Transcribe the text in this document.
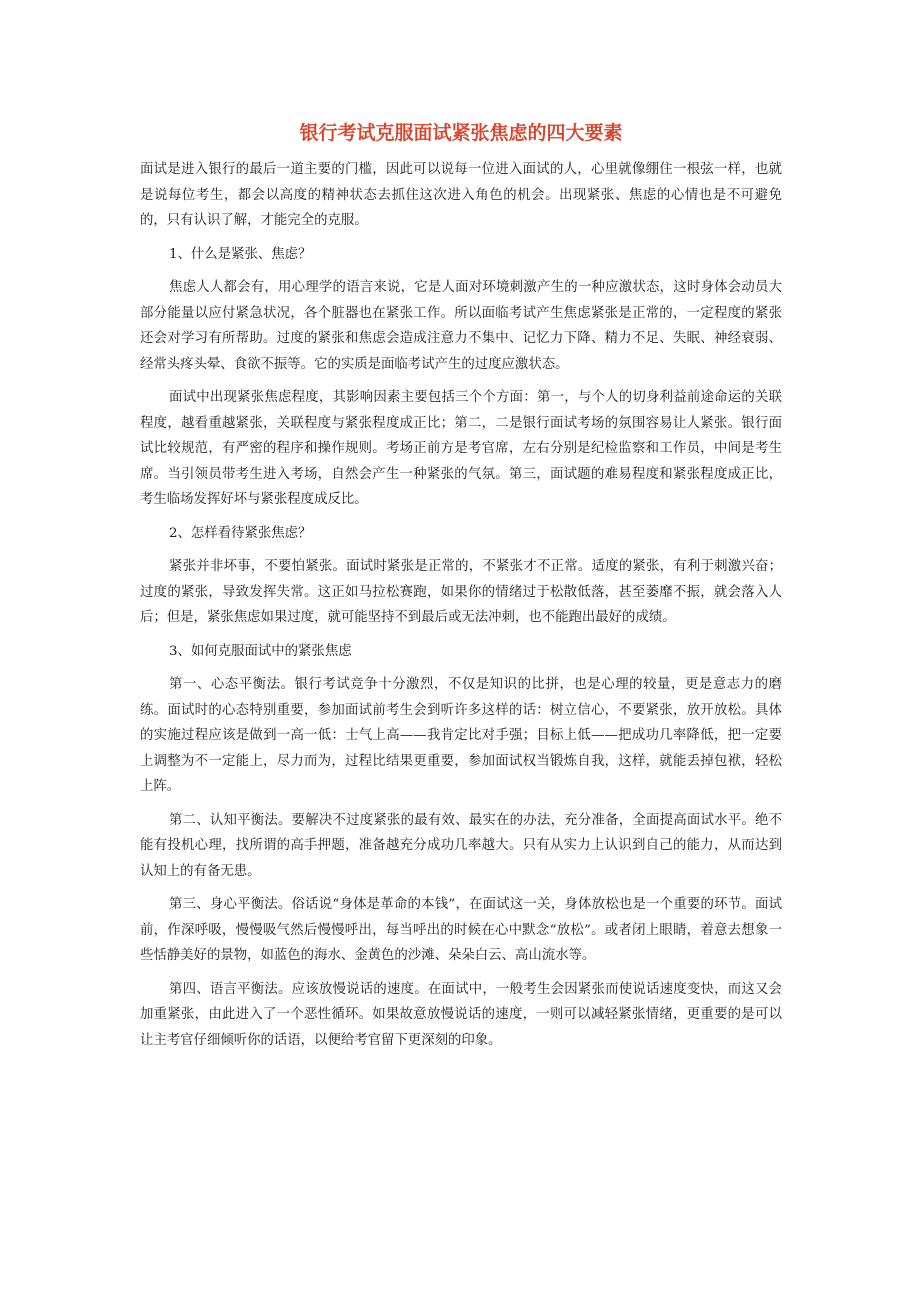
银行考试克服面试紧张焦虑的四大要素

面试是进入银行的最后一道主要的门槛，因此可以说每一位进入面试的人，心里就像绷住一根弦一样，也就是说每位考生，都会以高度的精神状态去抓住这次进入角色的机会。出现紧张、焦虑的心情也是不可避免的，只有认识了解，才能完全的克服。

1、什么是紧张、焦虑？

焦虑人人都会有，用心理学的语言来说，它是人面对环境刺激产生的一种应激状态，这时身体会动员大部分能量以应付紧急状况，各个脏器也在紧张工作。所以面临考试产生焦虑紧张是正常的，一定程度的紧张还会对学习有所帮助。过度的紧张和焦虑会造成注意力不集中、记忆力下降、精力不足、失眠、神经衰弱、经常头疼头晕、食欲不振等。它的实质是面临考试产生的过度应激状态。

面试中出现紧张焦虑程度，其影响因素主要包括三个个方面：第一，与个人的切身利益前途命运的关联程度，越看重越紧张，关联程度与紧张程度成正比；第二，二是银行面试考场的氛围容易让人紧张。银行面试比较规范，有严密的程序和操作规则。考场正前方是考官席，左右分别是纪检监察和工作员，中间是考生席。当引领员带考生进入考场，自然会产生一种紧张的气氛。第三，面试题的难易程度和紧张程度成正比，考生临场发挥好坏与紧张程度成反比。

2、怎样看待紧张焦虑？

紧张并非坏事，不要怕紧张。面试时紧张是正常的，不紧张才不正常。适度的紧张，有利于刺激兴奋；过度的紧张，导致发挥失常。这正如马拉松赛跑，如果你的情绪过于松散低落，甚至萎靡不振，就会落入人后；但是，紧张焦虑如果过度，就可能坚持不到最后或无法冲刺，也不能跑出最好的成绩。

3、如何克服面试中的紧张焦虑

第一、心态平衡法。银行考试竞争十分激烈，不仅是知识的比拼，也是心理的较量，更是意志力的磨练。面试时的心态特别重要，参加面试前考生会到听许多这样的话：树立信心，不要紧张，放开放松。具体的实施过程应该是做到一高一低：士气上高——我肯定比对手强；目标上低——把成功几率降低，把一定要上调整为不一定能上，尽力而为，过程比结果更重要，参加面试权当锻炼自我，这样，就能丢掉包袱，轻松上阵。

第二、认知平衡法。要解决不过度紧张的最有效、最实在的办法，充分准备，全面提高面试水平。绝不能有投机心理，找所谓的高手押题，准备越充分成功几率越大。只有从实力上认识到自己的能力，从而达到认知上的有备无患。

第三、身心平衡法。俗话说“身体是革命的本钱”，在面试这一关，身体放松也是一个重要的环节。面试前，作深呼吸，慢慢吸气然后慢慢呼出，每当呼出的时候在心中默念“放松”。或者闭上眼睛，着意去想象一些恬静美好的景物，如蓝色的海水、金黄色的沙滩、朵朵白云、高山流水等。

第四、语言平衡法。应该放慢说话的速度。在面试中，一般考生会因紧张而使说话速度变快，而这又会加重紧张，由此进入了一个恶性循环。如果故意放慢说话的速度，一则可以减轻紧张情绪，更重要的是可以让主考官仔细倾听你的话语，以便给考官留下更深刻的印象。
